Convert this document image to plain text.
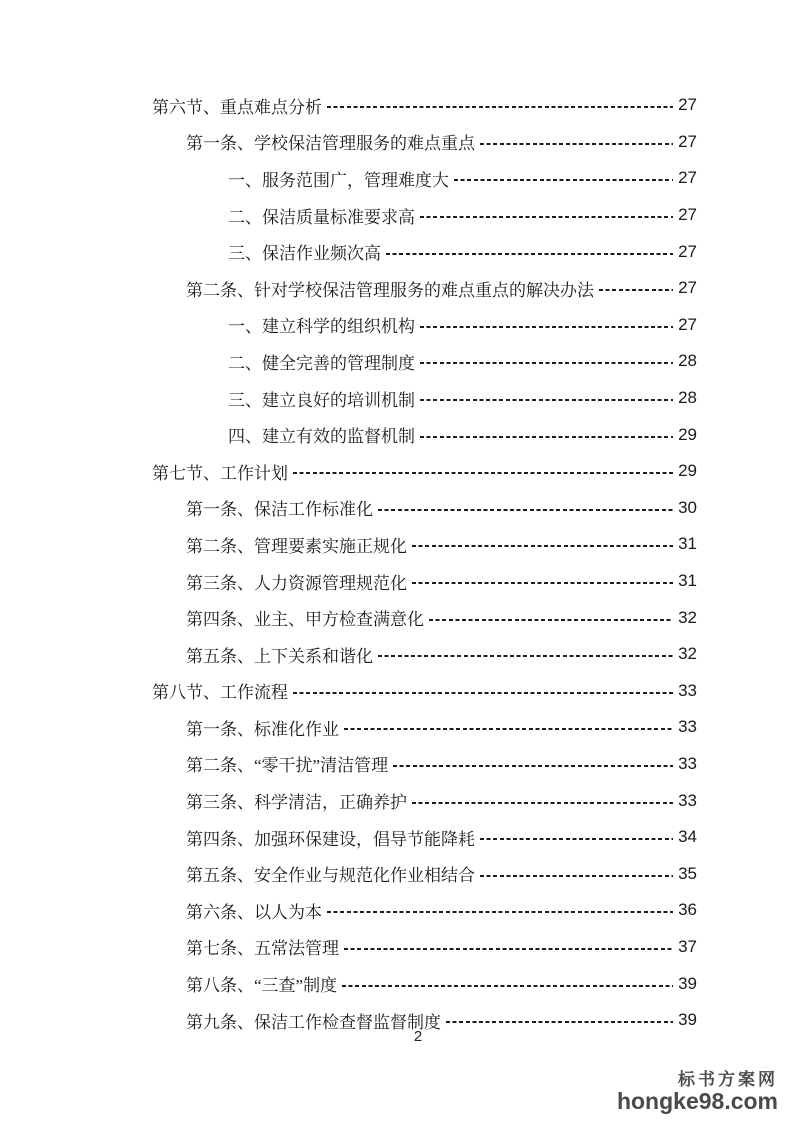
第六节、重点难点分析	27
第一条、学校保洁管理服务的难点重点	27
一、服务范围广，管理难度大	27
二、保洁质量标准要求高	27
三、保洁作业频次高	27
第二条、针对学校保洁管理服务的难点重点的解决办法	27
一、建立科学的组织机构	27
二、健全完善的管理制度	28
三、建立良好的培训机制	28
四、建立有效的监督机制	29
第七节、工作计划	29
第一条、保洁工作标准化	30
第二条、管理要素实施正规化	31
第三条、人力资源管理规范化	31
第四条、业主、甲方检查满意化	32
第五条、上下关系和谐化	32
第八节、工作流程	33
第一条、标准化作业	33
第二条、“零干扰”清洁管理	33
第三条、科学清洁，正确养护	33
第四条、加强环保建设，倡导节能降耗	34
第五条、安全作业与规范化作业相结合	35
第六条、以人为本	36
第七条、五常法管理	37
第八条、“三查”制度	39
第九条、保洁工作检查督监督制度	39
2
标书方案网
hongke98.com
